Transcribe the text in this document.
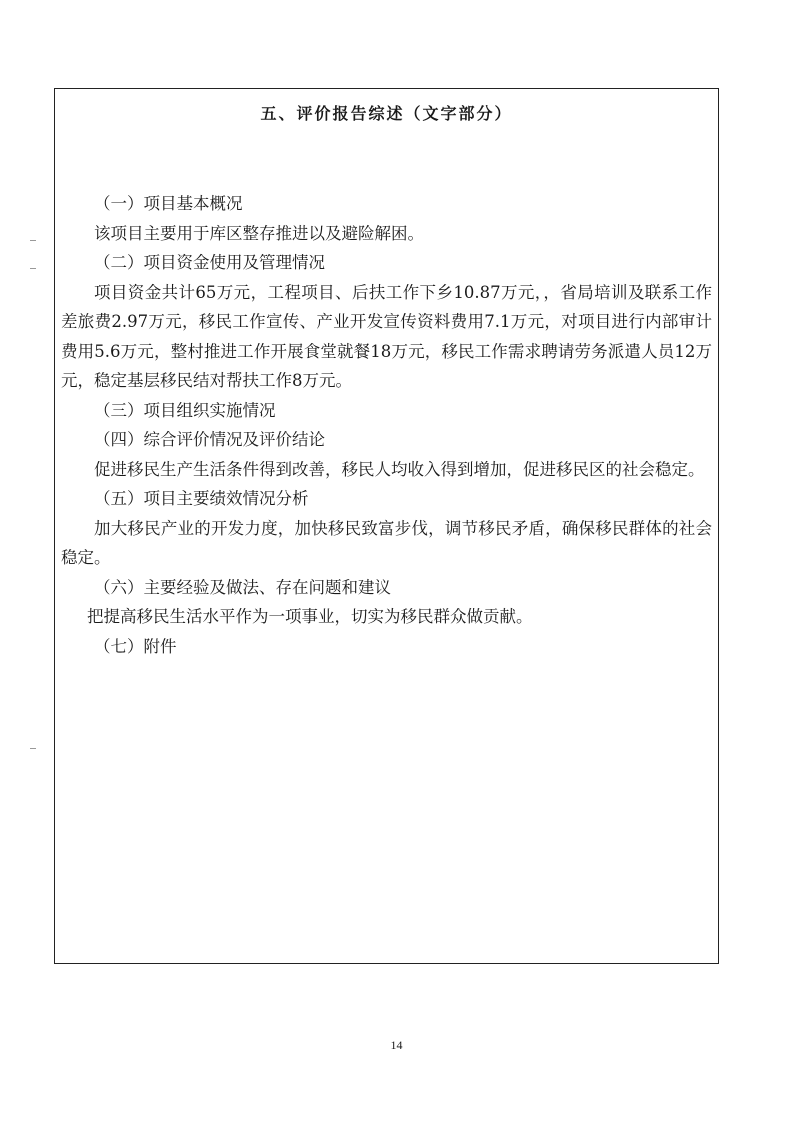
五、评价报告综述（文字部分）

（一）项目基本概况

该项目主要用于库区整存推进以及避险解困。

（二）项目资金使用及管理情况

项目资金共计65万元，工程项目、后扶工作下乡10.87万元，，省局培训及联系工作差旅费2.97万元，移民工作宣传、产业开发宣传资料费用7.1万元，对项目进行内部审计费用5.6万元，整村推进工作开展食堂就餐18万元，移民工作需求聘请劳务派遣人员12万元，稳定基层移民结对帮扶工作8万元。

（三）项目组织实施情况

（四）综合评价情况及评价结论

促进移民生产生活条件得到改善，移民人均收入得到增加，促进移民区的社会稳定。

（五）项目主要绩效情况分析

加大移民产业的开发力度，加快移民致富步伐，调节移民矛盾，确保移民群体的社会稳定。

（六）主要经验及做法、存在问题和建议

把提高移民生活水平作为一项事业，切实为移民群众做贡献。

（七）附件

14
